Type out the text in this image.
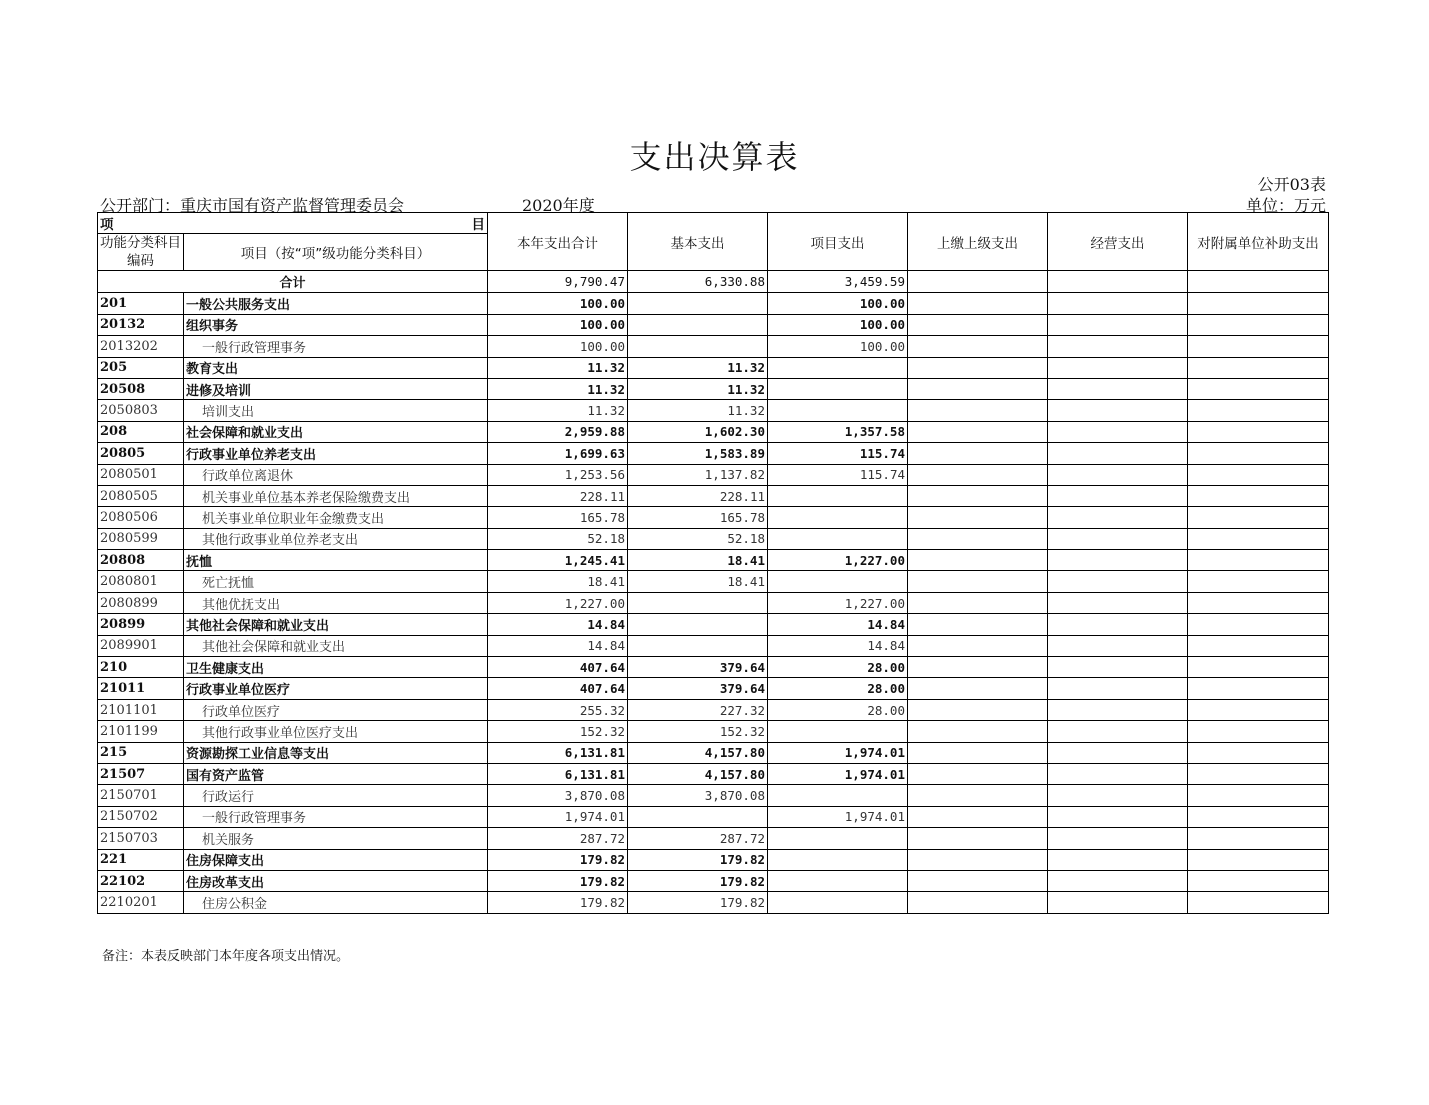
支出决算表
公开03表
公开部门：重庆市国有资产监督管理委员会	2020年度	单位：万元
项 目		本年支出合计	基本支出	项目支出	上缴上级支出	经营支出	对附属单位补助支出
功能分类科目编码	项目（按“项”级功能分类科目）						
合计		9,790.47	6,330.88	3,459.59			
201	一般公共服务支出	100.00		100.00			
20132	组织事务	100.00		100.00			
2013202	一般行政管理事务	100.00		100.00			
205	教育支出	11.32	11.32				
20508	进修及培训	11.32	11.32				
2050803	培训支出	11.32	11.32				
208	社会保障和就业支出	2,959.88	1,602.30	1,357.58			
20805	行政事业单位养老支出	1,699.63	1,583.89	115.74			
2080501	行政单位离退休	1,253.56	1,137.82	115.74			
2080505	机关事业单位基本养老保险缴费支出	228.11	228.11				
2080506	机关事业单位职业年金缴费支出	165.78	165.78				
2080599	其他行政事业单位养老支出	52.18	52.18				
20808	抚恤	1,245.41	18.41	1,227.00			
2080801	死亡抚恤	18.41	18.41				
2080899	其他优抚支出	1,227.00		1,227.00			
20899	其他社会保障和就业支出	14.84		14.84			
2089901	其他社会保障和就业支出	14.84		14.84			
210	卫生健康支出	407.64	379.64	28.00			
21011	行政事业单位医疗	407.64	379.64	28.00			
2101101	行政单位医疗	255.32	227.32	28.00			
2101199	其他行政事业单位医疗支出	152.32	152.32				
215	资源勘探工业信息等支出	6,131.81	4,157.80	1,974.01			
21507	国有资产监管	6,131.81	4,157.80	1,974.01			
2150701	行政运行	3,870.08	3,870.08				
2150702	一般行政管理事务	1,974.01		1,974.01			
2150703	机关服务	287.72	287.72				
221	住房保障支出	179.82	179.82				
22102	住房改革支出	179.82	179.82				
2210201	住房公积金	179.82	179.82				
备注：本表反映部门本年度各项支出情况。
